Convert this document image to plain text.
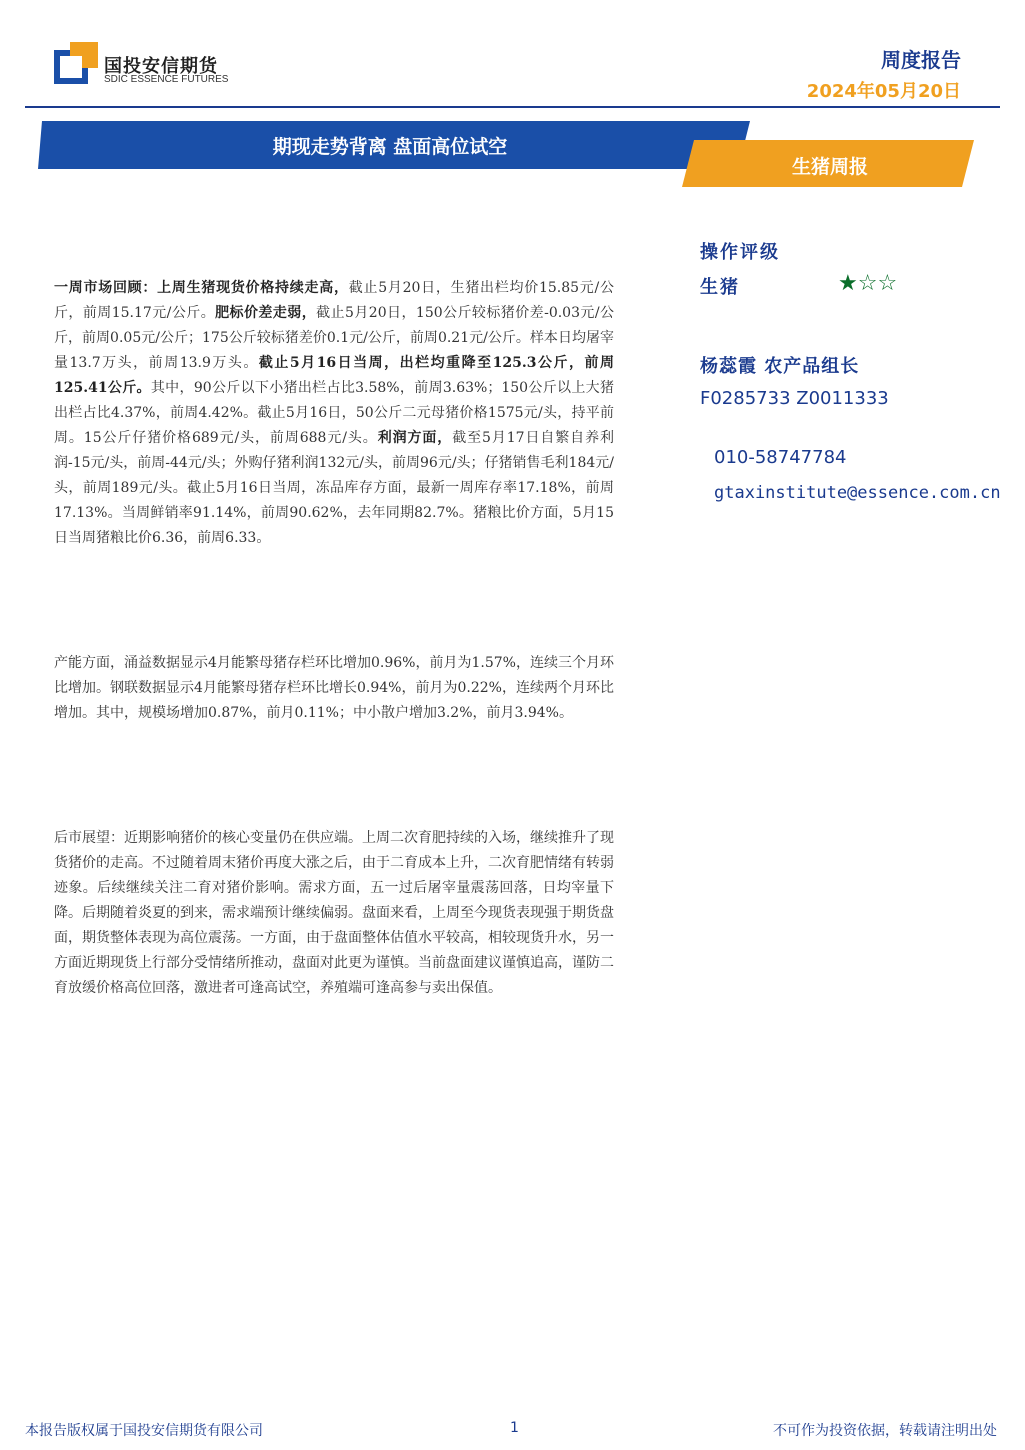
国投安信期货
SDIC ESSENCE FUTURES
周度报告
2024年05月20日
期现走势背离 盘面高位试空
生猪周报
一周市场回顾：上周生猪现货价格持续走高，截止5月20日，生猪出栏均价15.85元/公斤，前周15.17元/公斤。肥标价差走弱，截止5月20日，150公斤较标猪价差-0.03元/公斤，前周0.05元/公斤；175公斤较标猪差价0.1元/公斤，前周0.21元/公斤。样本日均屠宰量13.7万头，前周13.9万头。截止5月16日当周，出栏均重降至125.3公斤，前周125.41公斤。其中，90公斤以下小猪出栏占比3.58%，前周3.63%；150公斤以上大猪出栏占比4.37%，前周4.42%。截止5月16日，50公斤二元母猪价格1575元/头，持平前周。15公斤仔猪价格689元/头，前周688元/头。利润方面，截至5月17日自繁自养利润-15元/头，前周-44元/头；外购仔猪利润132元/头，前周96元/头；仔猪销售毛利184元/头，前周189元/头。截止5月16日当周，冻品库存方面，最新一周库存率17.18%，前周17.13%。当周鲜销率91.14%，前周90.62%，去年同期82.7%。猪粮比价方面，5月15日当周猪粮比价6.36，前周6.33。
产能方面，涌益数据显示4月能繁母猪存栏环比增加0.96%，前月为1.57%，连续三个月环比增加。钢联数据显示4月能繁母猪存栏环比增长0.94%，前月为0.22%，连续两个月环比增加。其中，规模场增加0.87%，前月0.11%；中小散户增加3.2%，前月3.94%。
后市展望：近期影响猪价的核心变量仍在供应端。上周二次育肥持续的入场，继续推升了现货猪价的走高。不过随着周末猪价再度大涨之后，由于二育成本上升，二次育肥情绪有转弱迹象。后续继续关注二育对猪价影响。需求方面，五一过后屠宰量震荡回落，日均宰量下降。后期随着炎夏的到来，需求端预计继续偏弱。盘面来看，上周至今现货表现强于期货盘面，期货整体表现为高位震荡。一方面，由于盘面整体估值水平较高，相较现货升水，另一方面近期现货上行部分受情绪所推动，盘面对此更为谨慎。当前盘面建议谨慎追高，谨防二育放缓价格高位回落，激进者可逢高试空，养殖端可逢高参与卖出保值。
操作评级
生猪	★☆☆
杨蕊霞 农产品组长
F0285733 Z0011333
010-58747784
gtaxinstitute@essence.com.cn
本报告版权属于国投安信期货有限公司	1	不可作为投资依据，转载请注明出处
